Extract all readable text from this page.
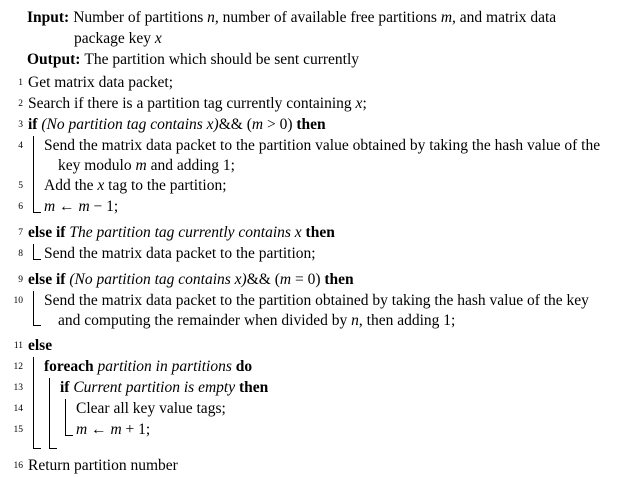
Input: Number of partitions n, number of available free partitions m, and matrix data package key x
Output: The partition which should be sent currently
1 Get matrix data packet;
2 Search if there is a partition tag currently containing x;
3 if (No partition tag contains x)&& (m > 0) then
4	Send the matrix data packet to the partition value obtained by taking the hash value of the key modulo m and adding 1;
5	Add the x tag to the partition;
6	m ← m − 1;
7 else if The partition tag currently contains x then
8	Send the matrix data packet to the partition;
9 else if (No partition tag contains x)&& (m = 0) then
10	Send the matrix data packet to the partition obtained by taking the hash value of the key and computing the remainder when divided by n, then adding 1;
11 else
12	foreach partition in partitions do
13	if Current partition is empty then
14	Clear all key value tags;
15	m ← m + 1;
16 Return partition number
